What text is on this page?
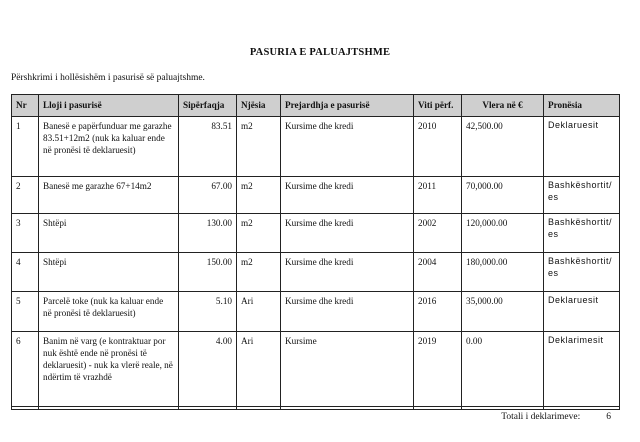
PASURIA E PALUAJTSHME
Përshkrimi i hollësishëm i pasurisë së paluajtshme.
Nr	Lloji i pasurisë	Sipërfaqja	Njësia	Prejardhja e pasurisë	Viti përf.	Vlera në €	Pronësia
1	Banesë e papërfunduar me garazhe 83.51+12m2 (nuk ka kaluar ende në pronësi të deklaruesit)	83.51	m2	Kursime dhe kredi	2010	42,500.00	Deklaruesit
2	Banesë me garazhe 67+14m2	67.00	m2	Kursime dhe kredi	2011	70,000.00	Bashkëshortit/es
3	Shtëpi	130.00	m2	Kursime dhe kredi	2002	120,000.00	Bashkëshortit/es
4	Shtëpi	150.00	m2	Kursime dhe kredi	2004	180,000.00	Bashkëshortit/es
5	Parcelë toke (nuk ka kaluar ende në pronësi të deklaruesit)	5.10	Ari	Kursime dhe kredi	2016	35,000.00	Deklaruesit
6	Banim në varg (e kontraktuar por nuk është ende në pronësi të deklaruesit) - nuk ka vlerë reale, në ndërtim të vrazhdë	4.00	Ari	Kursime	2019	0.00	Deklarimesit
Totali i deklarimeve:	6
